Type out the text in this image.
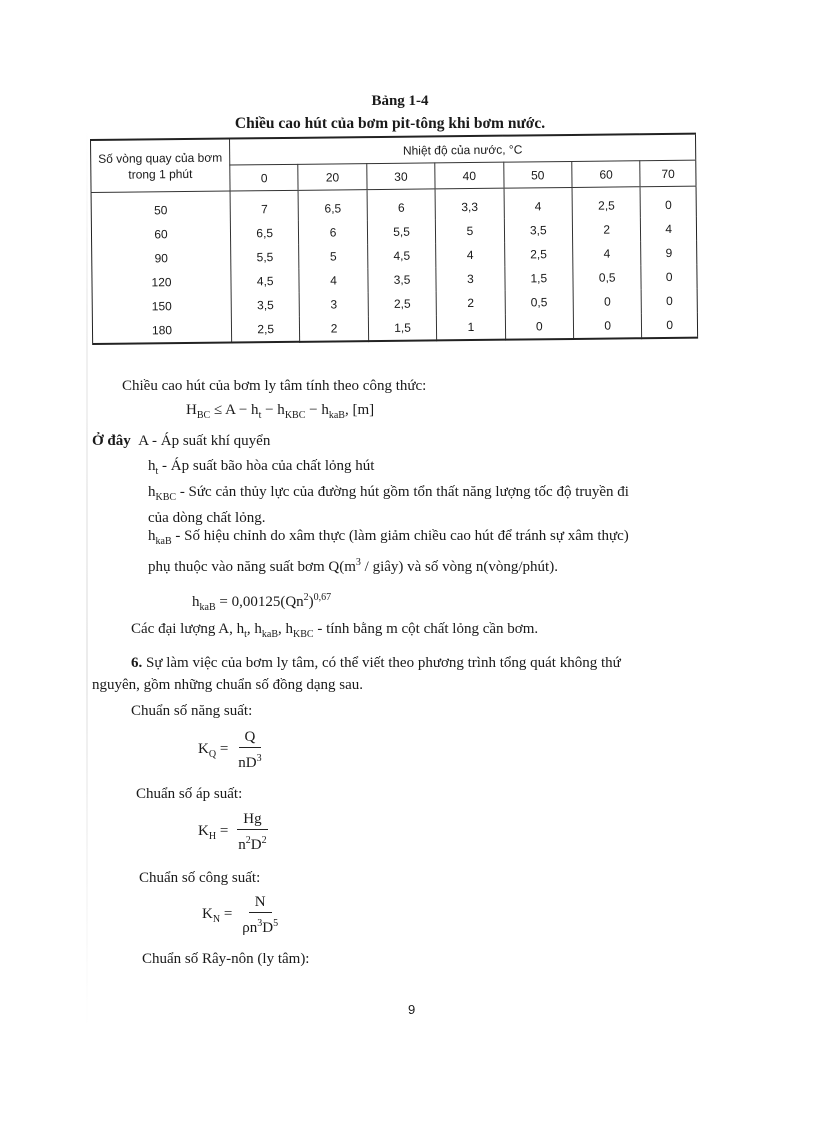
Bảng 1-4
Chiều cao hút của bơm pit-tông khi bơm nước.
Số vòng quay của bơm trong 1 phút	Nhiệt độ của nước, °C						
	0	20	30	40	50	60	70
50	7	6,5	6	3,3	4	2,5	0
60	6,5	6	5,5	5	3,5	2	4
90	5,5	5	4,5	4	2,5	4	9
120	4,5	4	3,5	3	1,5	0,5	0
150	3,5	3	2,5	2	0,5	0	0
180	2,5	2	1,5	1	0	0	0
Chiều cao hút của bơm ly tâm tính theo công thức:
$H_{BC} \le A - h_t - h_{KBC} - h_{kaB}$, [m]
Ở đây A - Áp suất khí quyển
$h_t$ - Áp suất bão hòa của chất lỏng hút
$h_{KBC}$ - Sức cản thủy lực của đường hút gồm tổn thất năng lượng tốc độ truyền đi
của dòng chất lỏng.
$h_{kaB}$ - Số hiệu chỉnh do xâm thực (làm giảm chiều cao hút để tránh sự xâm thực)
phụ thuộc vào năng suất bơm $Q(m^3$ / giây) và số vòng n(vòng/phút).
$h_{kaB} = 0,00125(Qn^2)^{0,67}$
Các đại lượng A, $h_t$, $h_{kaB}$, $h_{KBC}$ - tính bằng m cột chất lỏng cần bơm.
6. Sự làm việc của bơm ly tâm, có thể viết theo phương trình tổng quát không thứ
nguyên, gồm những chuẩn số đồng dạng sau.
Chuẩn số năng suất:
$K_Q = \frac{Q}{nD^3}$
Chuẩn số áp suất:
$K_H = \frac{Hg}{n^2D^2}$
Chuẩn số công suất:
$K_N = \frac{N}{\rho n^3D^5}$
Chuẩn số Rây-nôn (ly tâm):
9
